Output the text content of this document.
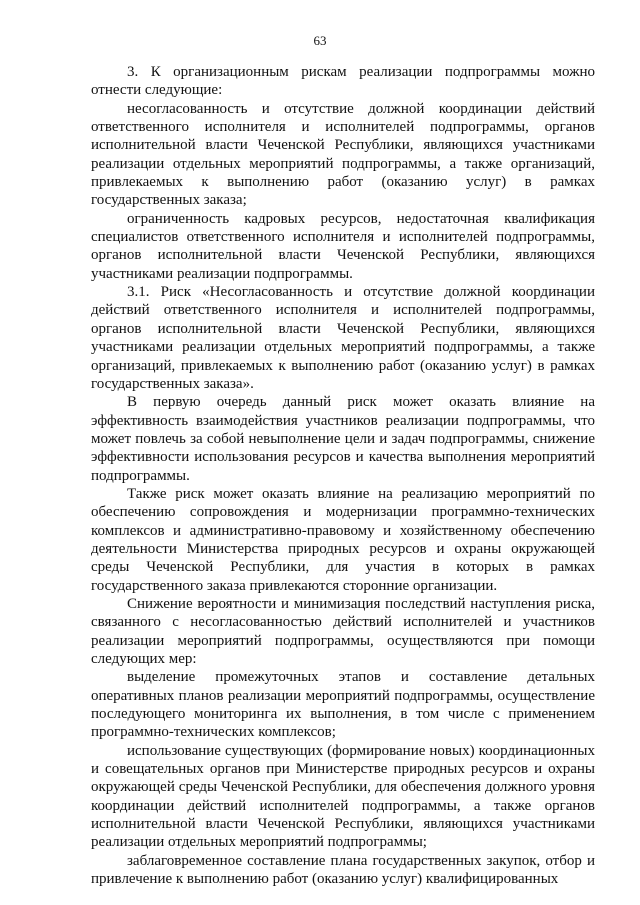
63

3. К организационным рискам реализации подпрограммы можно отнести следующие:

несогласованность и отсутствие должной координации действий ответственного исполнителя и исполнителей подпрограммы, органов исполнительной власти Чеченской Республики, являющихся участниками реализации отдельных мероприятий подпрограммы, а также организаций, привлекаемых к выполнению работ (оказанию услуг) в рамках государственных заказа;

ограниченность кадровых ресурсов, недостаточная квалификация специалистов ответственного исполнителя и исполнителей подпрограммы, органов исполнительной власти Чеченской Республики, являющихся участниками реализации подпрограммы.

3.1. Риск «Несогласованность и отсутствие должной координации действий ответственного исполнителя и исполнителей подпрограммы, органов исполнительной власти Чеченской Республики, являющихся участниками реализации отдельных мероприятий подпрограммы, а также организаций, привлекаемых к выполнению работ (оказанию услуг) в рамках государственных заказа».

В первую очередь данный риск может оказать влияние на эффективность взаимодействия участников реализации подпрограммы, что может повлечь за собой невыполнение цели и задач подпрограммы, снижение эффективности использования ресурсов и качества выполнения мероприятий подпрограммы.

Также риск может оказать влияние на реализацию мероприятий по обеспечению сопровождения и модернизации программно-технических комплексов и административно-правовому и хозяйственному обеспечению деятельности Министерства природных ресурсов и охраны окружающей среды Чеченской Республики, для участия в которых в рамках государственного заказа привлекаются сторонние организации.

Снижение вероятности и минимизация последствий наступления риска, связанного с несогласованностью действий исполнителей и участников реализации мероприятий подпрограммы, осуществляются при помощи следующих мер:

выделение промежуточных этапов и составление детальных оперативных планов реализации мероприятий подпрограммы, осуществление последующего мониторинга их выполнения, в том числе с применением программно-технических комплексов;

использование существующих (формирование новых) координационных и совещательных органов при Министерстве природных ресурсов и охраны окружающей среды Чеченской Республики, для обеспечения должного уровня координации действий исполнителей подпрограммы, а также органов исполнительной власти Чеченской Республики, являющихся участниками реализации отдельных мероприятий подпрограммы;

заблаговременное составление плана государственных закупок, отбор и привлечение к выполнению работ (оказанию услуг) квалифицированных
